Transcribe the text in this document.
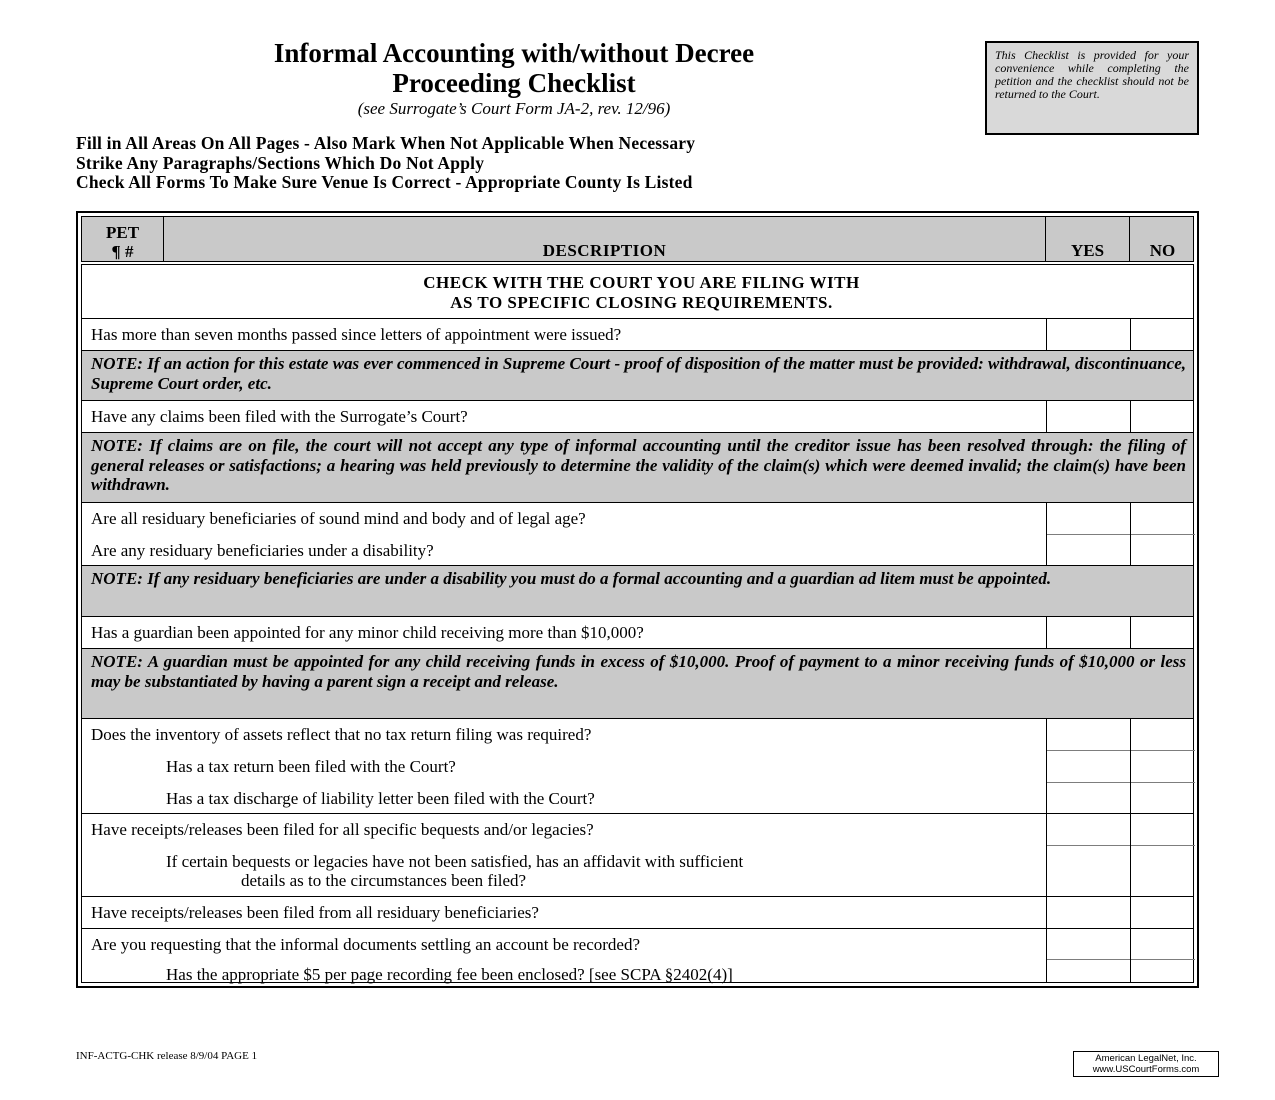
Informal Accounting with/without Decree
Proceeding Checklist
(see Surrogate’s Court Form JA-2, rev. 12/96)
This Checklist is provided for your convenience while completing the petition and the checklist should not be returned to the Court.
Fill in All Areas On All Pages - Also Mark When Not Applicable When Necessary
Strike Any Paragraphs/Sections Which Do Not Apply
Check All Forms To Make Sure Venue Is Correct - Appropriate County Is Listed
PET
¶ #	DESCRIPTION	YES	NO
CHECK WITH THE COURT YOU ARE FILING WITH
AS TO SPECIFIC CLOSING REQUIREMENTS.
Has more than seven months passed since letters of appointment were issued?
NOTE: If an action for this estate was ever commenced in Supreme Court - proof of disposition of the matter must be provided: withdrawal, discontinuance, Supreme Court order, etc.
Have any claims been filed with the Surrogate’s Court?
NOTE: If claims are on file, the court will not accept any type of informal accounting until the creditor issue has been resolved through: the filing of general releases or satisfactions; a hearing was held previously to determine the validity of the claim(s) which were deemed invalid; the claim(s) have been withdrawn.
Are all residuary beneficiaries of sound mind and body and of legal age?
Are any residuary beneficiaries under a disability?
NOTE: If any residuary beneficiaries are under a disability you must do a formal accounting and a guardian ad litem must be appointed.
Has a guardian been appointed for any minor child receiving more than $10,000?
NOTE: A guardian must be appointed for any child receiving funds in excess of $10,000. Proof of payment to a minor receiving funds of $10,000 or less may be substantiated by having a parent sign a receipt and release.
Does the inventory of assets reflect that no tax return filing was required?
Has a tax return been filed with the Court?
Has a tax discharge of liability letter been filed with the Court?
Have receipts/releases been filed for all specific bequests and/or legacies?
If certain bequests or legacies have not been satisfied, has an affidavit with sufficient
details as to the circumstances been filed?
Have receipts/releases been filed from all residuary beneficiaries?
Are you requesting that the informal documents settling an account be recorded?
Has the appropriate $5 per page recording fee been enclosed? [see SCPA §2402(4)]
INF-ACTG-CHK release 8/9/04 PAGE 1	American LegalNet, Inc.
www.USCourtForms.com
